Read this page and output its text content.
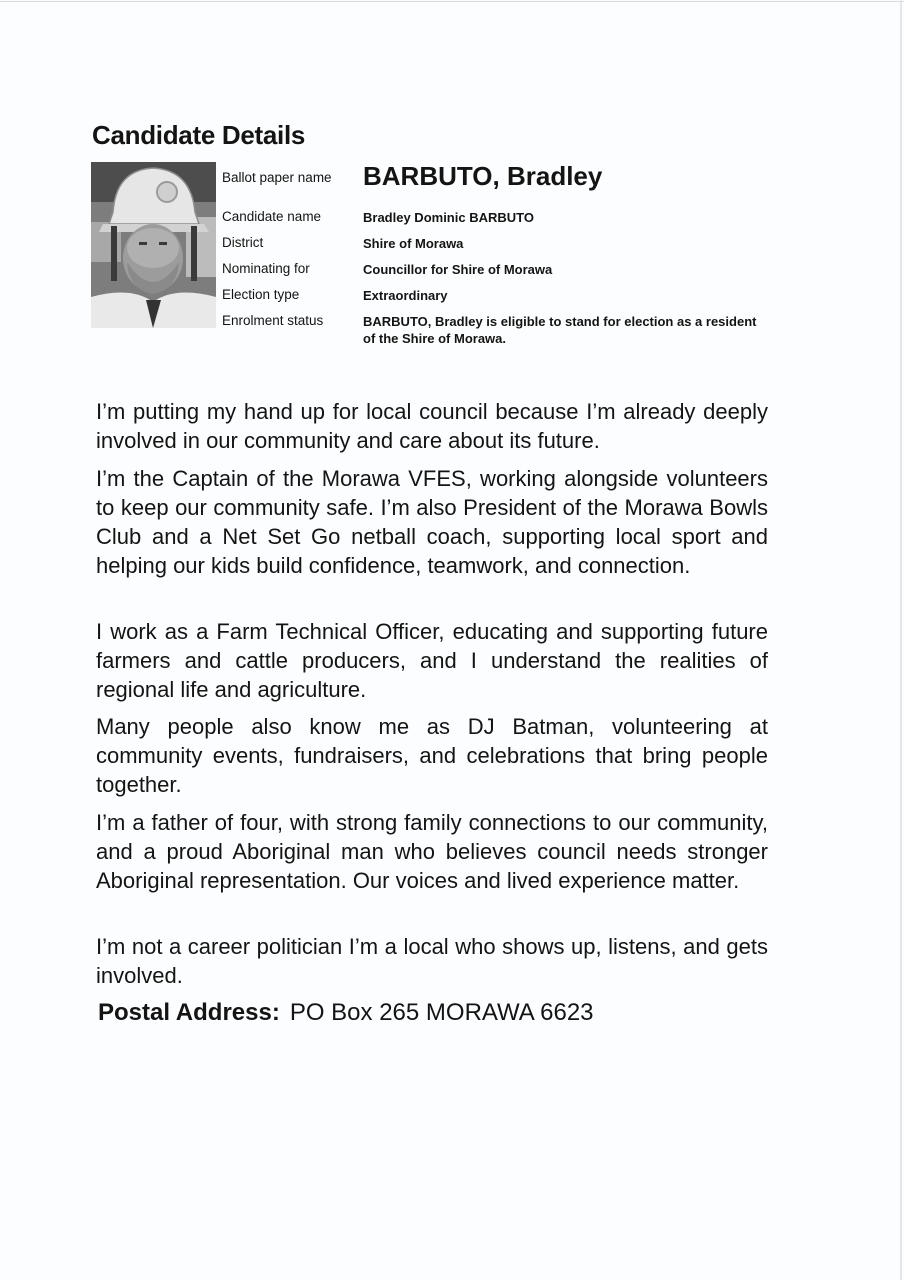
Candidate Details
Ballot paper name BARBUTO, Bradley
Candidate name	Bradley Dominic BARBUTO
District	Shire of Morawa
Nominating for	Councillor for Shire of Morawa
Election type	Extraordinary
Enrolment status	BARBUTO, Bradley is eligible to stand for election as a resident of the Shire of Morawa.

I’m putting my hand up for local council because I’m already deeply involved in our community and care about its future.

I’m the Captain of the Morawa VFES, working alongside volunteers to keep our community safe. I’m also President of the Morawa Bowls Club and a Net Set Go netball coach, supporting local sport and helping our kids build confidence, teamwork, and connection.

I work as a Farm Technical Officer, educating and supporting future farmers and cattle producers, and I understand the realities of regional life and agriculture.

Many people also know me as DJ Batman, volunteering at community events, fundraisers, and celebrations that bring people together.

I’m a father of four, with strong family connections to our community, and a proud Aboriginal man who believes council needs stronger Aboriginal representation. Our voices and lived experience matter.

I’m not a career politician I’m a local who shows up, listens, and gets involved.

Postal Address: PO Box 265 MORAWA 6623
